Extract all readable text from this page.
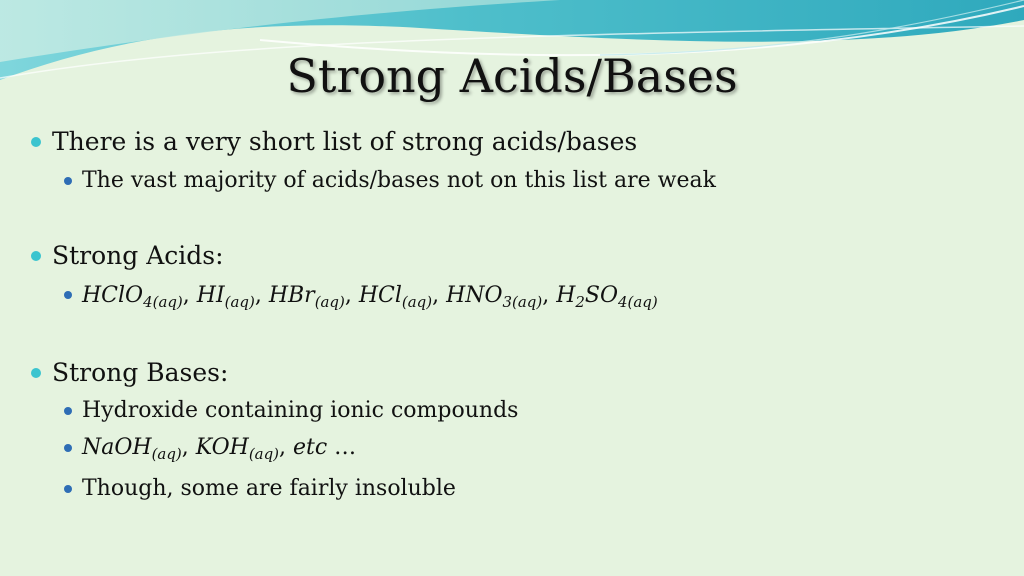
Strong Acids/Bases
There is a very short list of strong acids/bases
The vast majority of acids/bases not on this list are weak
Strong Acids:
HClO$_{4(aq)}$, $HI_{(aq)}$, HBr$_{(aq)}$, HCl$_{(aq)}$, $HNO_{3(aq)}$, $H_2SO_{4(aq)}$
Strong Bases:
Hydroxide containing ionic compounds
NaOH$_{(aq)}$, $KOH_{(aq)}$, etc …
Though, some are fairly insoluble
